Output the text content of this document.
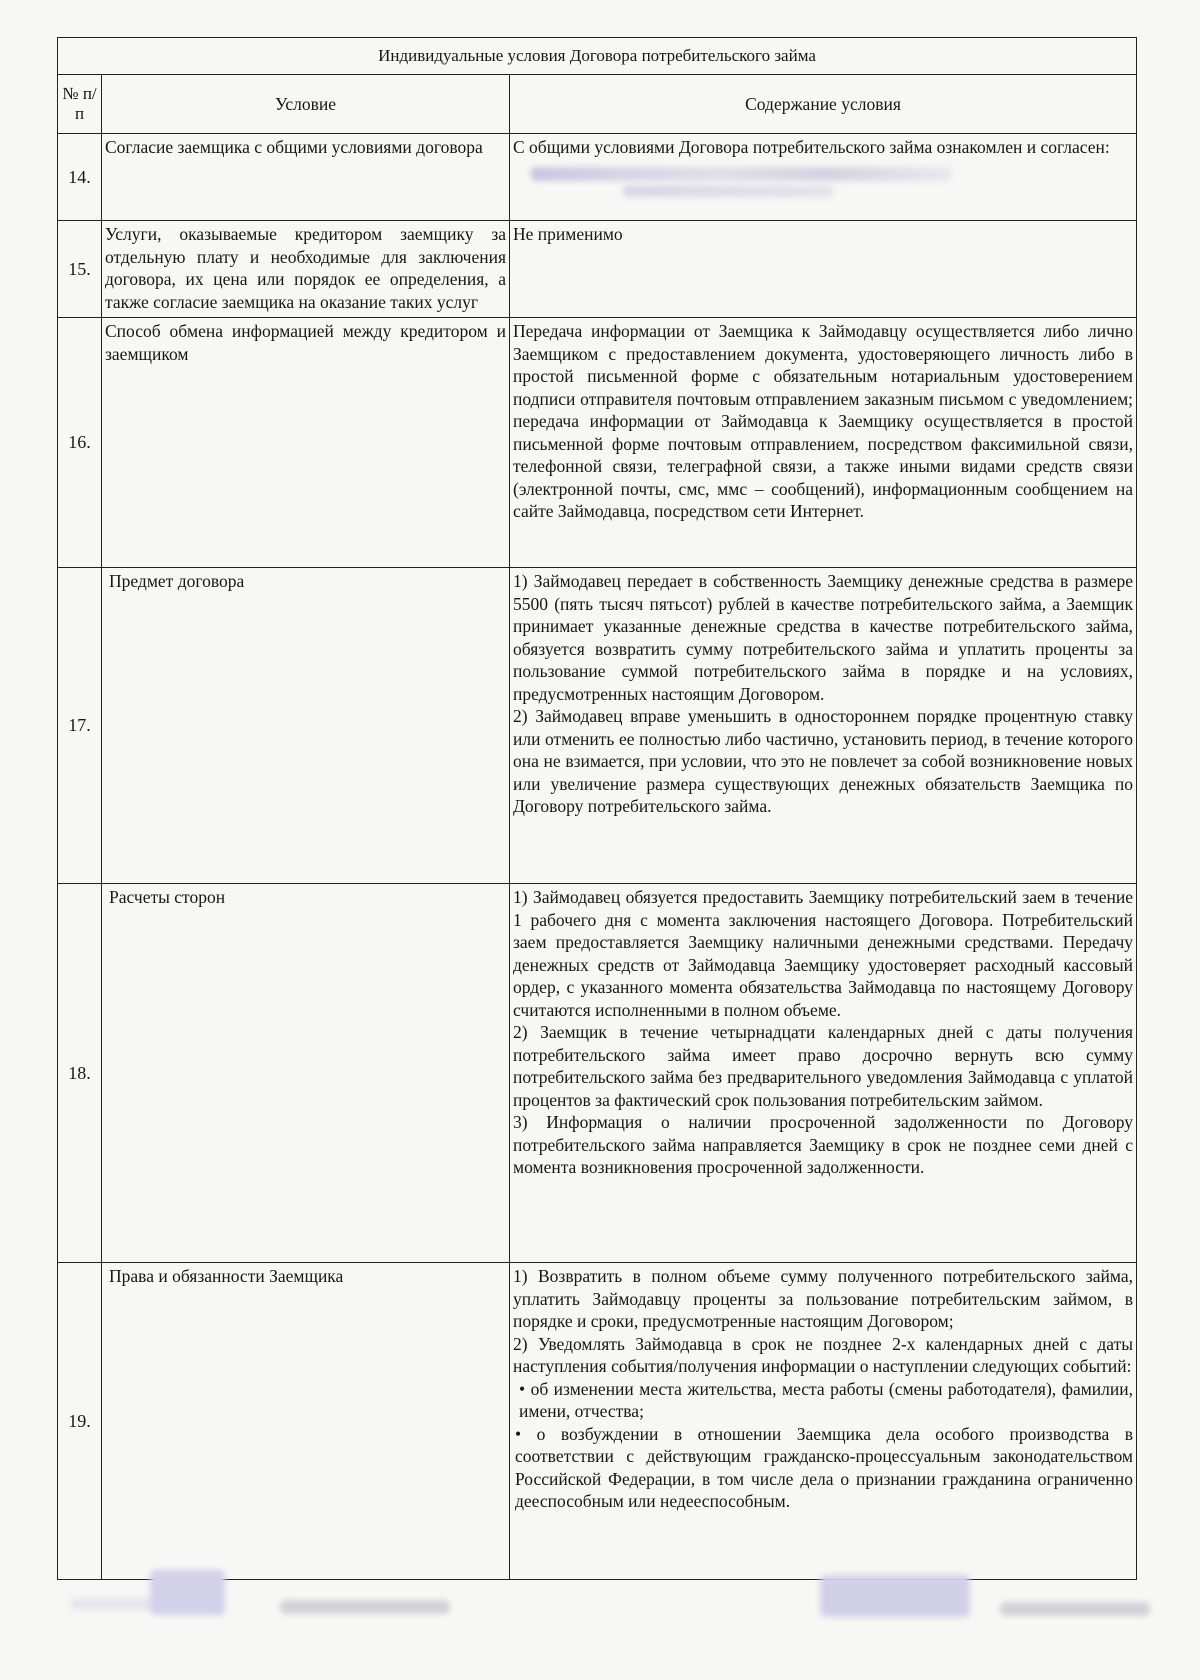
Индивидуальные условия Договора потребительского займа		
№ п/п	Условие	Содержание условия
14.	Согласие заемщика с общими условиями договора	С общими условиями Договора потребительского займа ознакомлен и согласен:

15.	Услуги, оказываемые кредитором заемщику за отдельную плату и необходимые для заключения договора, их цена или порядок ее определения, а также согласие заемщика на оказание таких услуг	Не применимо

16.	Способ обмена информацией между кредитором и заемщиком	Передача информации от Заемщика к Займодавцу осуществляется либо лично Заемщиком с предоставлением документа, удостоверяющего личность либо в простой письменной форме с обязательным нотариальным удостоверением подписи отправителя почтовым отправлением заказным письмом с уведомлением; передача информации от Займодавца к Заемщику осуществляется в простой письменной форме почтовым отправлением, посредством факсимильной связи, телефонной связи, телеграфной связи, а также иными видами средств связи (электронной почты, смс, ммс – сообщений), информационным сообщением на сайте Займодавца, посредством сети Интернет.

17.	Предмет договора	1) Займодавец передает в собственность Заемщику денежные средства в размере 5500 (пять тысяч пятьсот) рублей в качестве потребительского займа, а Заемщик принимает указанные денежные средства в качестве потребительского займа, обязуется возвратить сумму потребительского займа и уплатить проценты за пользование суммой потребительского займа в порядке и на условиях, предусмотренных настоящим Договором.

2) Займодавец вправе уменьшить в одностороннем порядке процентную ставку или отменить ее полностью либо частично, установить период, в течение которого она не взимается, при условии, что это не повлечет за собой возникновение новых или увеличение размера существующих денежных обязательств Заемщика по Договору потребительского займа.

18.	Расчеты сторон	1) Займодавец обязуется предоставить Заемщику потребительский заем в течение 1 рабочего дня с момента заключения настоящего Договора. Потребительский заем предоставляется Заемщику наличными денежными средствами. Передачу денежных средств от Займодавца Заемщику удостоверяет расходный кассовый ордер, с указанного момента обязательства Займодавца по настоящему Договору считаются исполненными в полном объеме.

2) Заемщик в течение четырнадцати календарных дней с даты получения потребительского займа имеет право досрочно вернуть всю сумму потребительского займа без предварительного уведомления Займодавца с уплатой процентов за фактический срок пользования потребительским займом.

3) Информация о наличии просроченной задолженности по Договору потребительского займа направляется Заемщику в срок не позднее семи дней с момента возникновения просроченной задолженности.

19.	Права и обязанности Заемщика	1) Возвратить в полном объеме сумму полученного потребительского займа, уплатить Займодавцу проценты за пользование потребительским займом, в порядке и сроки, предусмотренные настоящим Договором;

2) Уведомлять Займодавца в срок не позднее 2-х календарных дней с даты наступления события/получения информации о наступлении следующих событий:

• об изменении места жительства, места работы (смены работодателя), фамилии, имени, отчества;

• о возбуждении в отношении Заемщика дела особого производства в соответствии с действующим гражданско-процессуальным законодательством Российской Федерации, в том числе дела о признании гражданина ограниченно дееспособным или недееспособным.
